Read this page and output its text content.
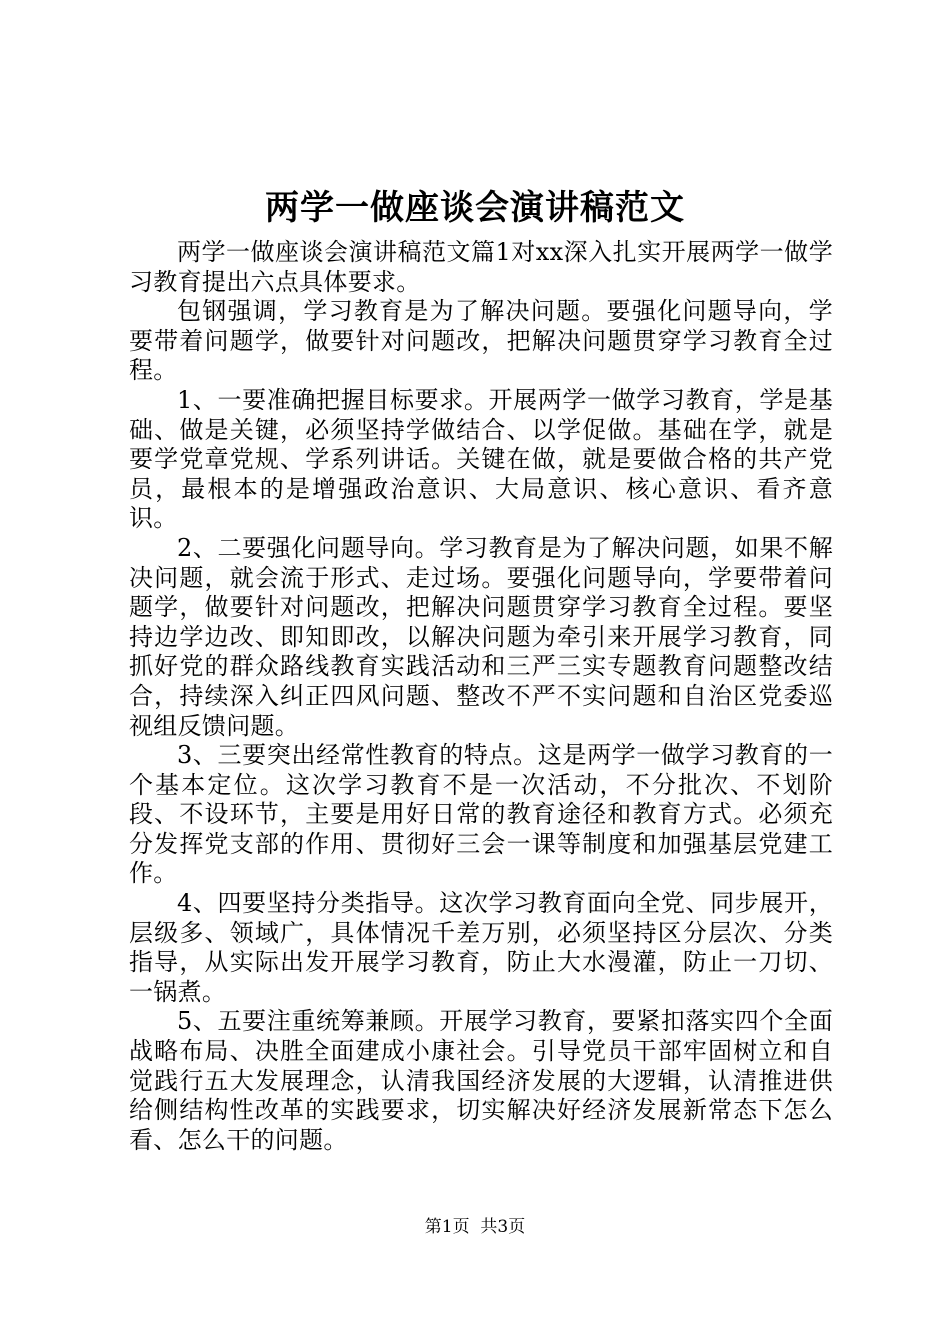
两学一做座谈会演讲稿范文

两学一做座谈会演讲稿范文篇1对xx深入扎实开展两学一做学习教育提出六点具体要求。

包钢强调，学习教育是为了解决问题。要强化问题导向，学要带着问题学，做要针对问题改，把解决问题贯穿学习教育全过程。

1、一要准确把握目标要求。开展两学一做学习教育，学是基础、做是关键，必须坚持学做结合、以学促做。基础在学，就是要学党章党规、学系列讲话。关键在做，就是要做合格的共产党员，最根本的是增强政治意识、大局意识、核心意识、看齐意识。

2、二要强化问题导向。学习教育是为了解决问题，如果不解决问题，就会流于形式、走过场。要强化问题导向，学要带着问题学，做要针对问题改，把解决问题贯穿学习教育全过程。要坚持边学边改、即知即改，以解决问题为牵引来开展学习教育，同抓好党的群众路线教育实践活动和三严三实专题教育问题整改结合，持续深入纠正四风问题、整改不严不实问题和自治区党委巡视组反馈问题。

3、三要突出经常性教育的特点。这是两学一做学习教育的一个基本定位。这次学习教育不是一次活动，不分批次、不划阶段、不设环节，主要是用好日常的教育途径和教育方式。必须充分发挥党支部的作用、贯彻好三会一课等制度和加强基层党建工作。

4、四要坚持分类指导。这次学习教育面向全党、同步展开，层级多、领域广，具体情况千差万别，必须坚持区分层次、分类指导，从实际出发开展学习教育，防止大水漫灌，防止一刀切、一锅煮。

5、五要注重统筹兼顾。开展学习教育，要紧扣落实四个全面战略布局、决胜全面建成小康社会。引导党员干部牢固树立和自觉践行五大发展理念，认清我国经济发展的大逻辑，认清推进供给侧结构性改革的实践要求，切实解决好经济发展新常态下怎么看、怎么干的问题。

第1页 共3页
